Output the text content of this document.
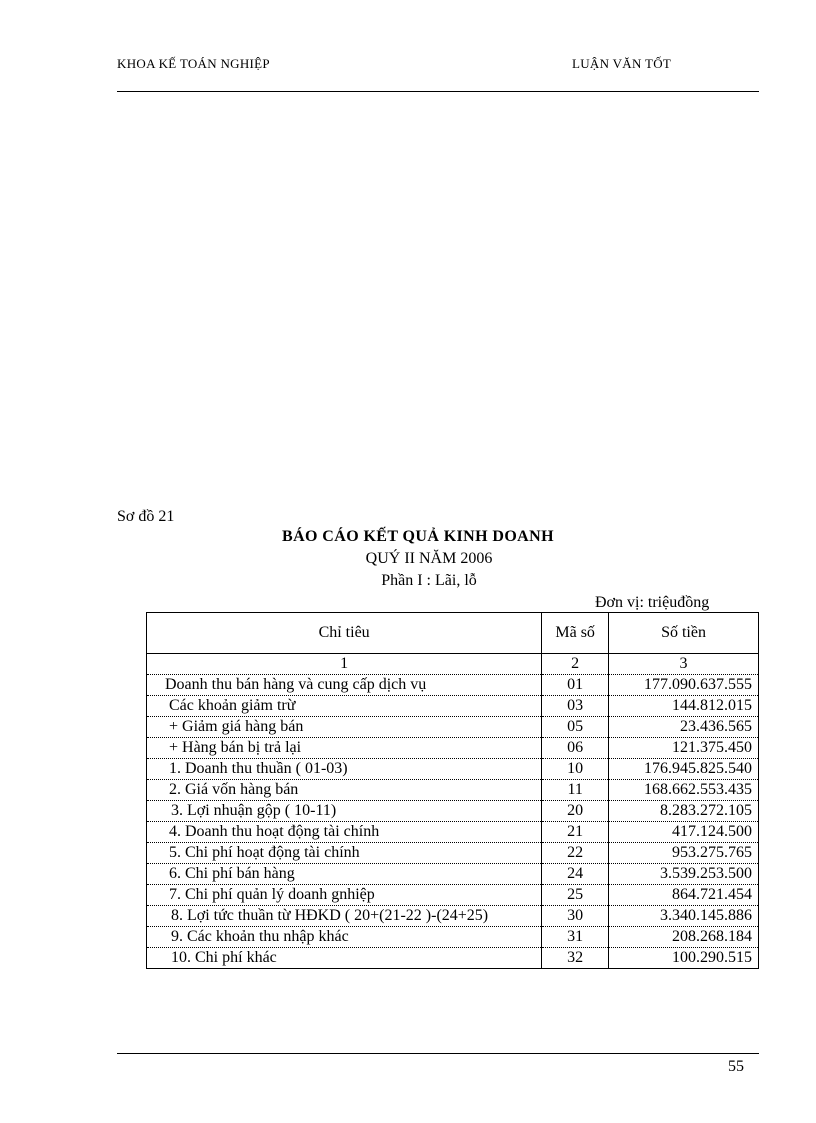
KHOA KẾ TOÁN NGHIỆP	LUẬN VĂN TỐT
Sơ đồ 21
BÁO CÁO KẾT QUẢ KINH DOANH
QUÝ II NĂM 2006
Phần I : Lãi, lỗ
Đơn vị: triệuđồng
Chỉ tiêu	Mã số	Số tiền
1	2	3
Doanh thu bán hàng và cung cấp dịch vụ	01	177.090.637.555
Các khoản giảm trừ	03	144.812.015
+ Giảm giá hàng bán	05	23.436.565
+ Hàng bán bị trả lại	06	121.375.450
1. Doanh thu thuần ( 01-03)	10	176.945.825.540
2. Giá vốn hàng bán	11	168.662.553.435
3. Lợi nhuận gộp ( 10-11)	20	8.283.272.105
4. Doanh thu hoạt động tài chính	21	417.124.500
5. Chi phí hoạt động tài chính	22	953.275.765
6. Chi phí bán hàng	24	3.539.253.500
7. Chi phí quản lý doanh gnhiệp	25	864.721.454
8. Lợi tức thuần từ HĐKD ( 20+(21-22 )-(24+25)	30	3.340.145.886
9. Các khoản thu nhập khác	31	208.268.184
10. Chi phí khác	32	100.290.515
55
